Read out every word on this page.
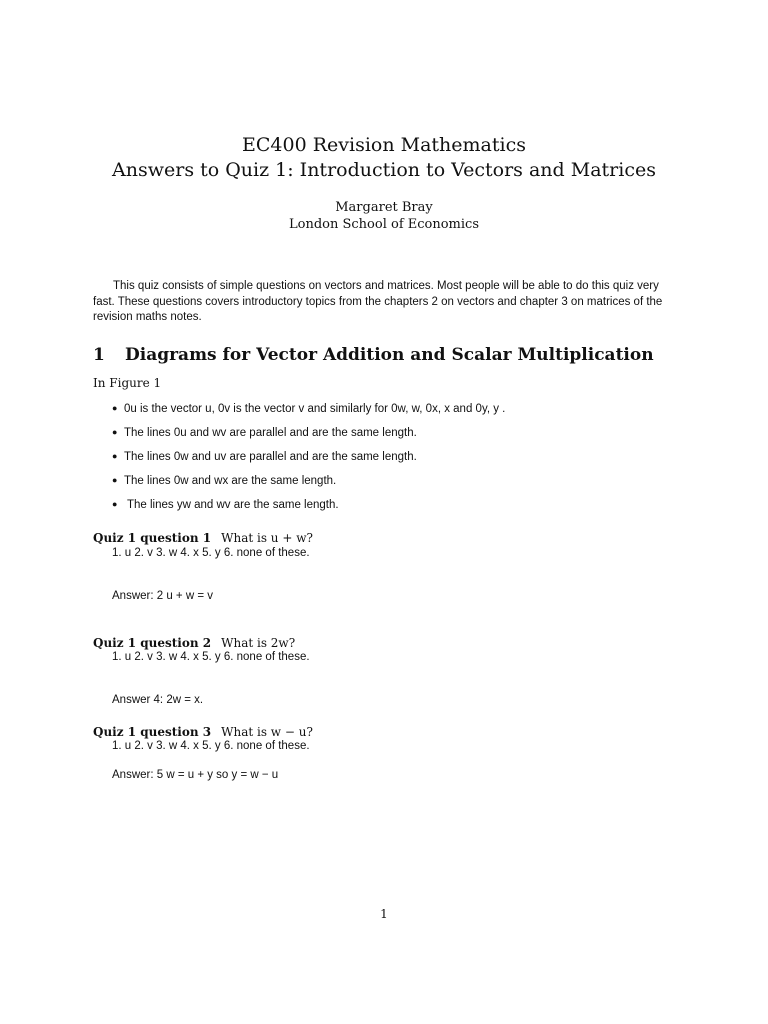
EC400 Revision Mathematics
Answers to Quiz 1: Introduction to Vectors and Matrices
Margaret Bray
London School of Economics
This quiz consists of simple questions on vectors and matrices. Most people will be able to do this quiz very fast. These questions covers introductory topics from the chapters 2 on vectors and chapter 3 on matrices of the revision maths notes.
1 Diagrams for Vector Addition and Scalar Multiplication
In Figure 1
● 0u is the vector u, 0v is the vector v and similarly for 0w, w, 0x, x and 0y, y .
● The lines 0u and wv are parallel and are the same length.
● The lines 0w and uv are parallel and are the same length.
● The lines 0w and wx are the same length.
● The lines yw and wv are the same length.
Quiz 1 question 1 What is u + w?
1. u 2. v 3. w 4. x 5. y 6. none of these.
Answer: 2 u + w = v
Quiz 1 question 2 What is 2w?
1. u 2. v 3. w 4. x 5. y 6. none of these.
Answer 4: 2w = x.
Quiz 1 question 3 What is w − u?
1. u 2. v 3. w 4. x 5. y 6. none of these.
Answer: 5 w = u + y so y = w − u
1
